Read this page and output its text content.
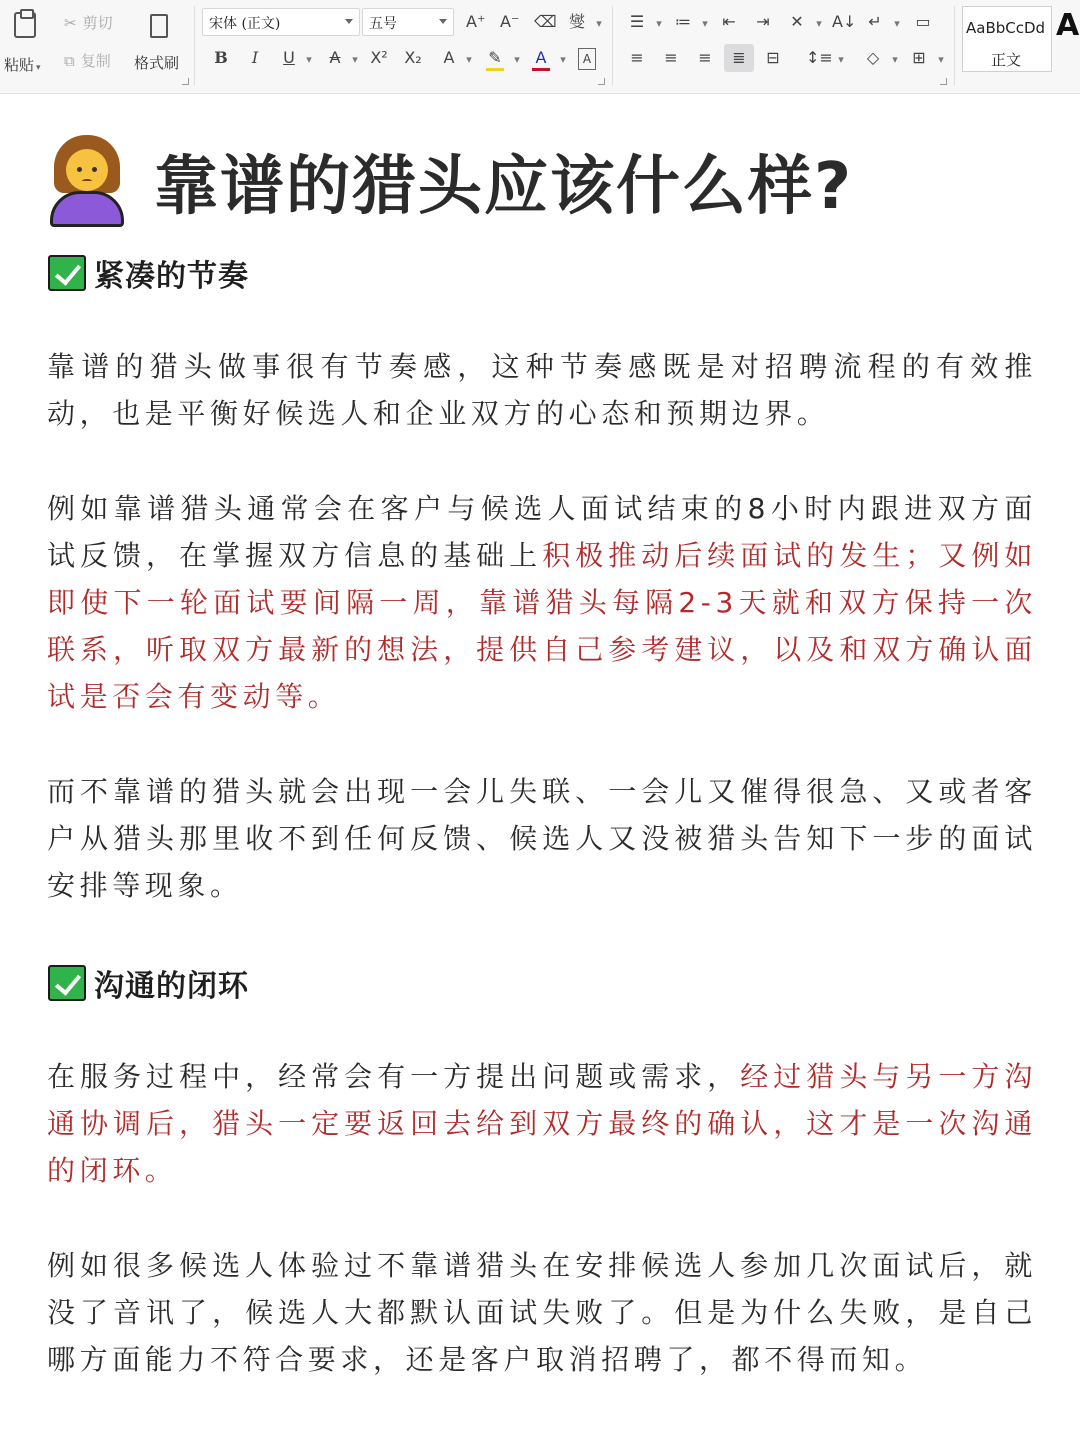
粘贴 ▾
✂ 剪切
⧉ 复制 格式刷
宋体 (正文)	五号	A⁺ A⁻ ⌫ 燮	▾
B	I	U	▾	A	▾ X² X₂ A	▾	✎	▾ A	▾	A
☰	▾ ≔	▾ ⇤ ⇥ ✕	▾ A↓ ↵	▾ ▭
≡ ≡ ≡	≣	⊟ ↕≡ ▾	◇	▾ ⊞	▾
AaBbCcDd
正文
A
靠谱的猎头应该什么样?
紧凑的节奏

靠谱的猎头做事很有节奏感，这种节奏感既是对招聘流程的有效推动，也是平衡好候选人和企业双方的心态和预期边界。

例如靠谱猎头通常会在客户与候选人面试结束的8小时内跟进双方面试反馈，在掌握双方信息的基础上积极推动后续面试的发生；又例如即使下一轮面试要间隔一周，靠谱猎头每隔2-3天就和双方保持一次联系，听取双方最新的想法，提供自己参考建议，以及和双方确认面试是否会有变动等。

而不靠谱的猎头就会出现一会儿失联、一会儿又催得很急、又或者客户从猎头那里收不到任何反馈、候选人又没被猎头告知下一步的面试安排等现象。

沟通的闭环

在服务过程中，经常会有一方提出问题或需求，经过猎头与另一方沟通协调后，猎头一定要返回去给到双方最终的确认，这才是一次沟通的闭环。

例如很多候选人体验过不靠谱猎头在安排候选人参加几次面试后，就没了音讯了，候选人大都默认面试失败了。但是为什么失败，是自己哪方面能力不符合要求，还是客户取消招聘了，都不得而知。
